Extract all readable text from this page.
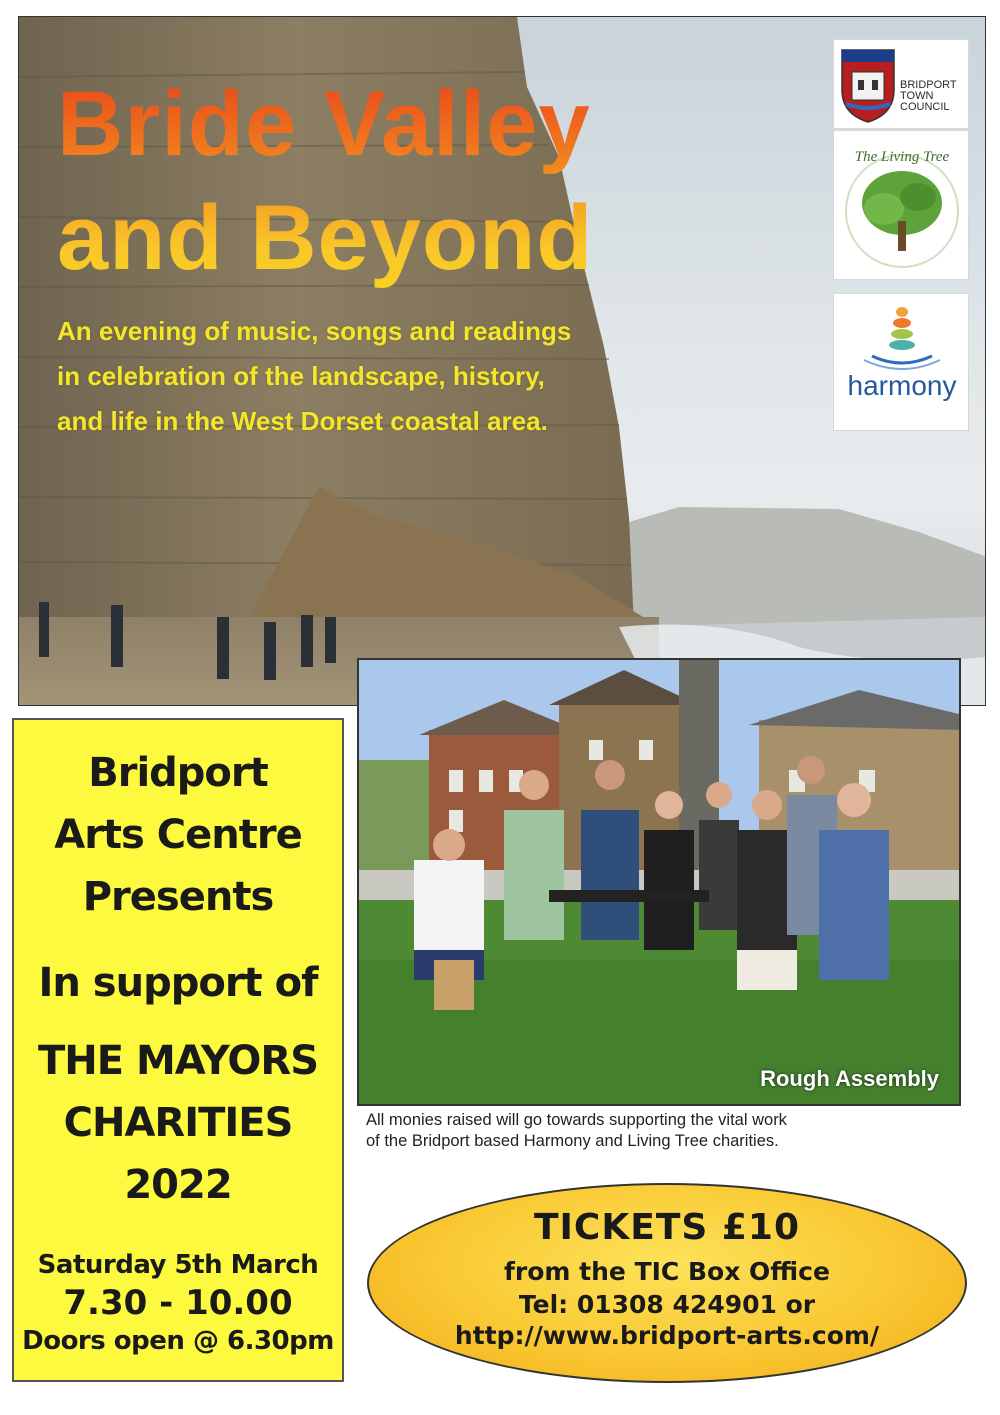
Bride Valley
and Beyond
An evening of music, songs and readings
in celebration of the landscape, history,
and life in the West Dorset coastal area.
BRIDPORT
TOWN
COUNCIL
The Living Tree
harmony
Bridport
Arts Centre
Presents
In support of
THE MAYORS
CHARITIES
2022
Saturday 5th March
7.30 - 10.00
Doors open @ 6.30pm
Rough Assembly
All monies raised will go towards supporting the vital work
of the Bridport based Harmony and Living Tree charities.
TICKETS £10
from the TIC Box Office
Tel: 01308 424901 or
http://www.bridport-arts.com/
